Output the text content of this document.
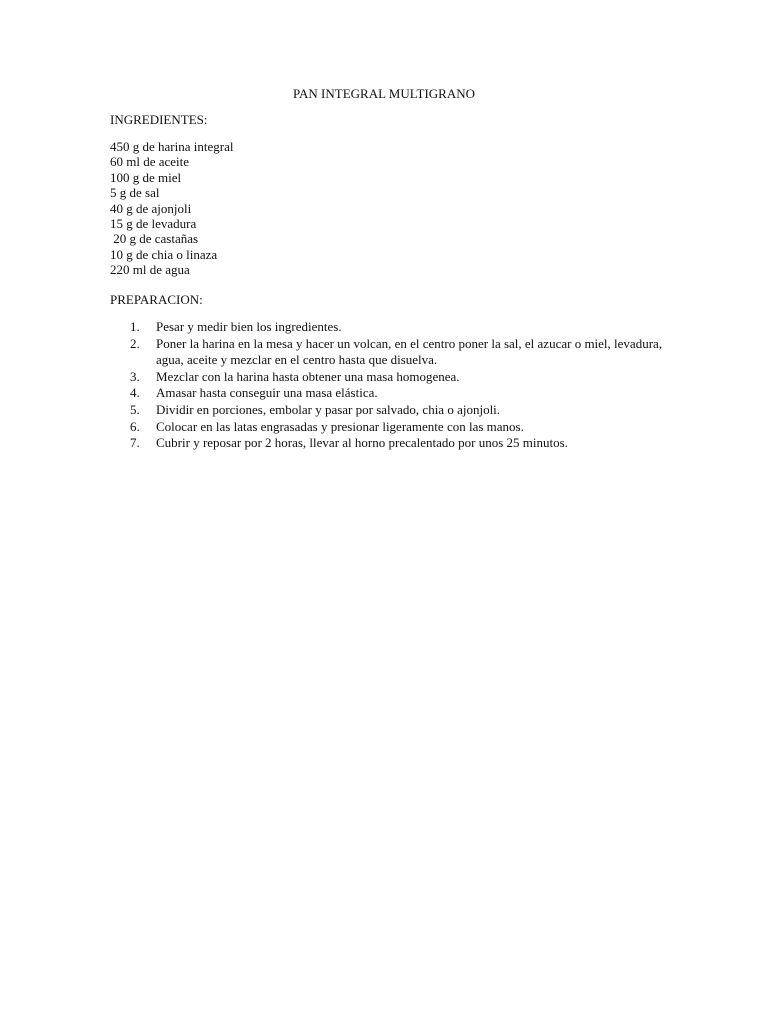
PAN INTEGRAL MULTIGRANO
INGREDIENTES:
450 g de harina integral
60 ml de aceite
100 g de miel
5 g de sal
40 g de ajonjoli
15 g de levadura
20 g de castañas
10 g de chia o linaza
220 ml de agua
PREPARACION:
1. Pesar y medir bien los ingredientes.
2. Poner la harina en la mesa y hacer un volcan, en el centro poner la sal, el azucar o miel, levadura, agua, aceite y mezclar en el centro hasta que disuelva.
3. Mezclar con la harina hasta obtener una masa homogenea.
4. Amasar hasta conseguir una masa elástica.
5. Dividir en porciones, embolar y pasar por salvado, chia o ajonjoli.
6. Colocar en las latas engrasadas y presionar ligeramente con las manos.
7. Cubrir y reposar por 2 horas, llevar al horno precalentado por unos 25 minutos.
